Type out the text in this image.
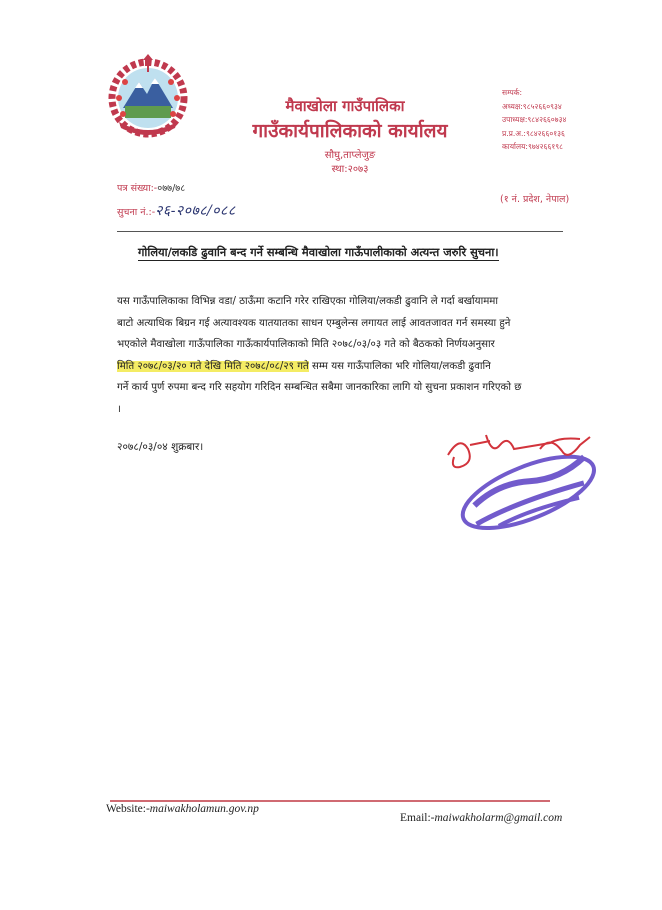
मैवाखोला गाउँपालिका
गाउँकार्यपालिकाको कार्यालय
सौघु,ताप्लेजुङ
स्था:२०७३
सम्पर्क:
अध्यक्ष:९८५२६६०९३४
उपाध्यक्ष:९८४२६६०७३४
प्र.प्र.अ.:९८४२६६०१३६
कार्यालय:९७४२६६१९८
पत्र संख्या:-०७७/७८
सुचना नं.:-२६-२०७८/०८८
(१ नं. प्रदेश, नेपाल)
गोलिया/लकडि ढुवानि बन्द गर्ने सम्बन्धि मैवाखोला गाऊँपालीकाको अत्यन्त जरुरि सुचना।

यस गाऊँपालिकाका विभिन्न वडा/ ठाऊँमा कटानि गरेर राखिएका गोलिया/लकडी ढुवानि ले गर्दा बर्खायाममा

बाटो अत्याधिक बिग्रन गई अत्यावश्यक यातयातका साधन एम्बुलेन्स लगायत लाई आवतजावत गर्न समस्या हुने

भएकोले मैवाखोला गाऊँपालिका गाऊँकार्यपालिकाको मिति २०७८/०३/०३ गते को बैठकको निर्णयअनुसार

मिति २०७८/०३/२० गते देखि मिति २०७८/०८/२९ गते सम्म यस गाऊँपालिका भरि गोलिया/लकडी ढुवानि

गर्ने कार्य पुर्ण रुपमा बन्द गरि सहयोग गरिदिन सम्बन्धित सबैमा जानकारिका लागि यो सुचना प्रकाशन गरिएको छ

।

२०७८/०३/०४ शुक्रबार।
Website:-maiwakholamun.gov.np
Email:-maiwakholarm@gmail.com
